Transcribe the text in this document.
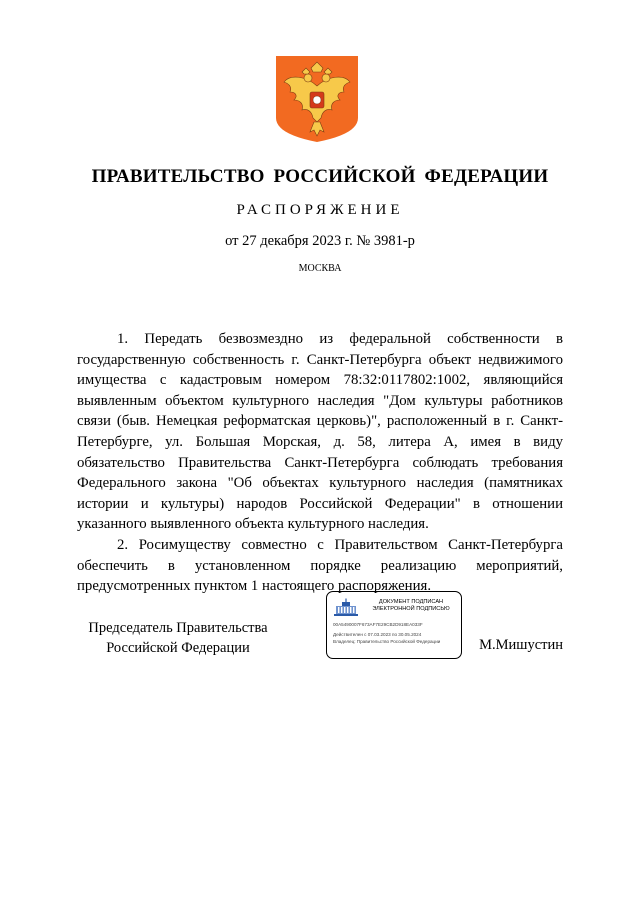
ПРАВИТЕЛЬСТВО РОССИЙСКОЙ ФЕДЕРАЦИИ
РАСПОРЯЖЕНИЕ
от 27 декабря 2023 г. № 3981-р
МОСКВА

1. Передать безвозмездно из федеральной собственности в государственную собственность г. Санкт-Петербурга объект недвижимого имущества с кадастровым номером 78:32:0117802:1002, являющийся выявленным объектом культурного наследия "Дом культуры работников связи (быв. Немецкая реформатская церковь)", расположенный в г. Санкт-Петербурге, ул. Большая Морская, д. 58, литера А, имея в виду обязательство Правительства Санкт-Петербурга соблюдать требования Федерального закона "Об объектах культурного наследия (памятниках истории и культуры) народов Российской Федерации" в отношении указанного выявленного объекта культурного наследия.

2. Росимуществу совместно с Правительством Санкт-Петербурга обеспечить в установленном порядке реализацию мероприятий, предусмотренных пунктом 1 настоящего распоряжения.

Председатель Правительства
Российской Федерации
ДОКУМЕНТ ПОДПИСАН
ЭЛЕКТРОННОЙ ПОДПИСЬЮ
00A5490007F673AF7E29CB2D918EA033F
Действителен с 07.03.2023 по 30.05.2024
Владелец: Правительство Российской Федерации	М.Мишустин
